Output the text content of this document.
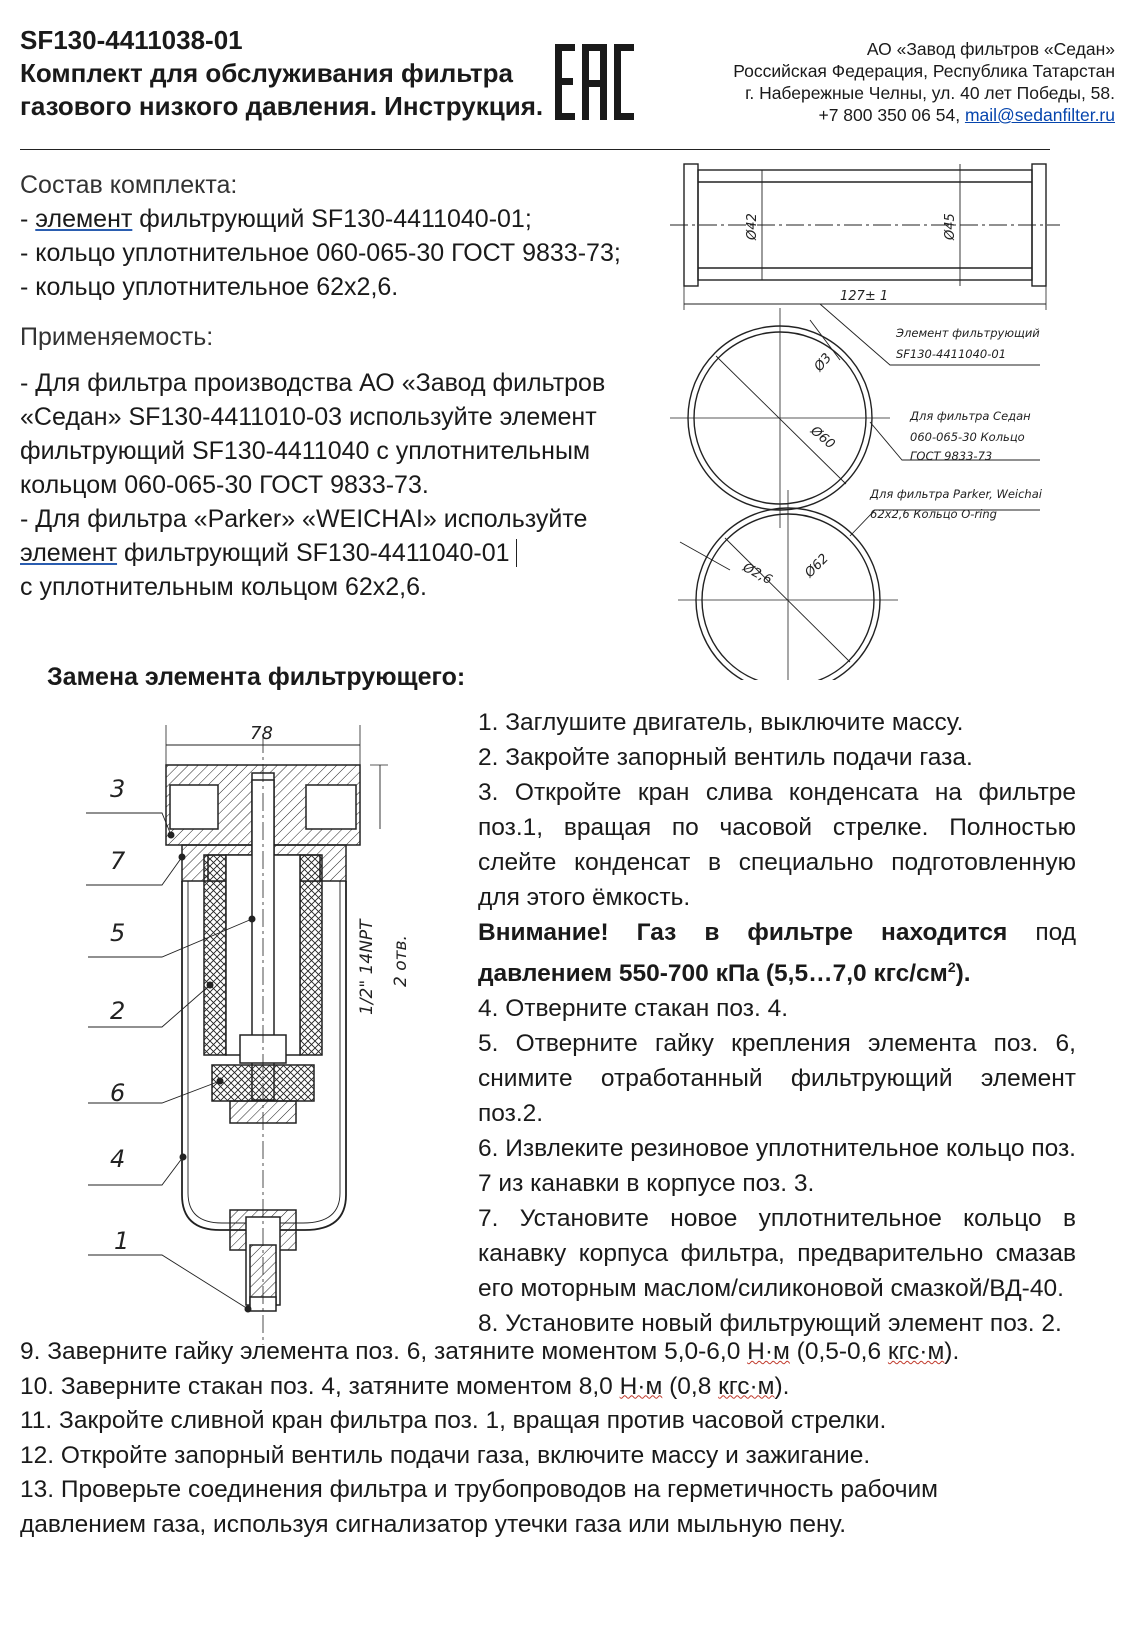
SF130-4411038-01
Комплект для обслуживания фильтра
газового низкого давления. Инструкция.
АО «Завод фильтров «Седан»
Российская Федерация, Республика Татарстан
г. Набережные Челны, ул. 40 лет Победы, 58.
+7 800 350 06 54, mail@sedanfilter.ru
Состав комплекта:
- элемент фильтрующий SF130-4411040-01;
- кольцо уплотнительное 060-065-30 ГОСТ 9833-73;
- кольцо уплотнительное 62х2,6.
Применяемость:
- Для фильтра производства АО «Завод фильтров
«Седан» SF130-4411010-03 используйте элемент
фильтрующий SF130-4411040 с уплотнительным
кольцом 060-065-30 ГОСТ 9833-73.
- Для фильтра «Parker» «WEICHAI» используйте
элемент фильтрующий SF130-4411040-01
с уплотнительным кольцом 62х2,6.
Ø42	Ø45
127± 1
Ø3
Ø60
Ø2,6 Ø62
Элемент фильтрующий
SF130-4411040-01
Для фильтра Седан
060-065-30 Кольцо
ГОСТ 9833-73
Для фильтра Parker, Weichai
62х2,6 Кольцо O-ring
Замена элемента фильтрующего:
78
1/2" 14NPT 2 отв.
3
7
5
2
6
4
1

1. Заглушите двигатель, выключите массу.

2. Закройте запорный вентиль подачи газа.

3. Откройте кран слива конденсата на фильтре поз.1, вращая по часовой стрелке. Полностью слейте конденсат в специально подготовленную для этого ёмкость.

Внимание! Газ в фильтре находится под давлением 550-700 кПа (5,5…7,0 кгс/$см^2$).

4. Отверните стакан поз. 4.

5. Отверните гайку крепления элемента поз. 6, снимите отработанный фильтрующий элемент поз.2.

6. Извлеките резиновое уплотнительное кольцо поз. 7 из канавки в корпусе поз. 3.

7. Установите новое уплотнительное кольцо в канавку корпуса фильтра, предварительно смазав его моторным маслом/силиконовой смазкой/ВД-40.

8. Установите новый фильтрующий элемент поз. 2.

9. Заверните гайку элемента поз. 6, затяните моментом 5,0-6,0 Н·м (0,5-0,6 кгс·м).

10. Заверните стакан поз. 4, затяните моментом 8,0 Н·м (0,8 кгс·м).

11. Закройте сливной кран фильтра поз. 1, вращая против часовой стрелки.

12. Откройте запорный вентиль подачи газа, включите массу и зажигание.

13. Проверьте соединения фильтра и трубопроводов на герметичность рабочим

давлением газа, используя сигнализатор утечки газа или мыльную пену.
